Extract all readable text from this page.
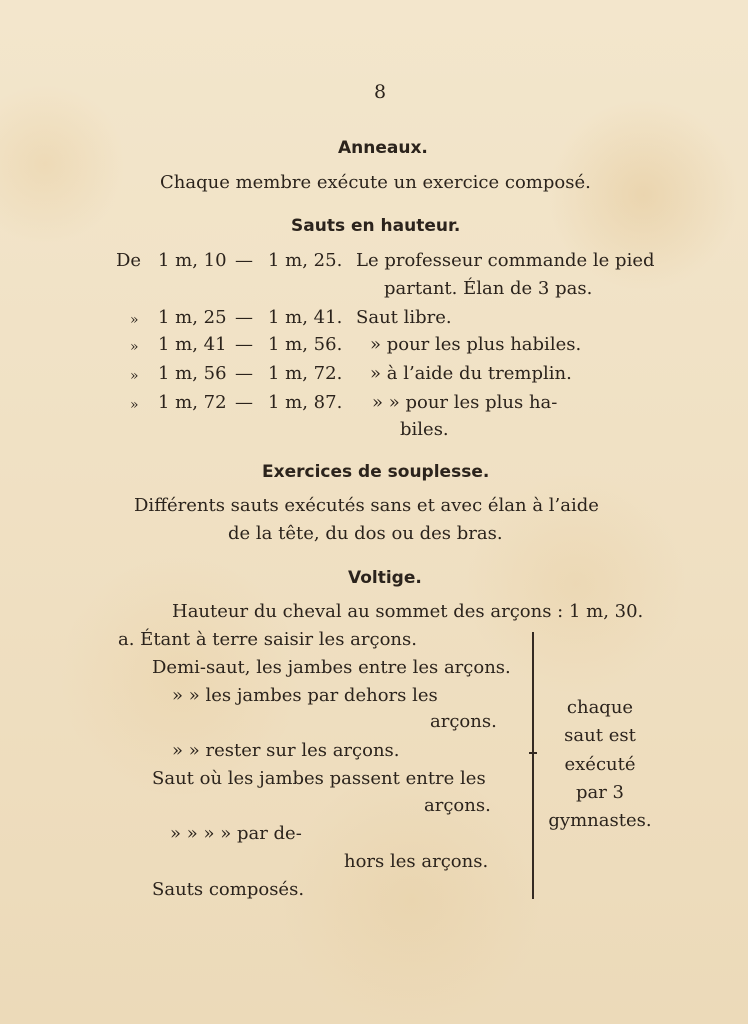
8
Anneaux.
Chaque membre exécute un exercice composé.
Sauts en hauteur.
De 1 m, 10 — 1 m, 25. Le professeur commande le pied
partant. Élan de 3 pas.
» 1 m, 25 — 1 m, 41. Saut libre.
» 1 m, 41 — 1 m, 56. » pour les plus habiles.
» 1 m, 56 — 1 m, 72. » à l’aide du tremplin.
» 1 m, 72 — 1 m, 87. » » pour les plus ha-
biles.
Exercices de souplesse.
Différents sauts exécutés sans et avec élan à l’aide
de la tête, du dos ou des bras.
Voltige.
Hauteur du cheval au sommet des arçons : 1 m, 30.
a. Étant à terre saisir les arçons.
Demi-saut, les jambes entre les arçons.
» » les jambes par dehors les
arçons.
» » rester sur les arçons.
Saut où les jambes passent entre les
arçons.
» » » » par de-
hors les arçons.
Sauts composés.
chaque
saut est
exécuté
par 3
gymnastes.
